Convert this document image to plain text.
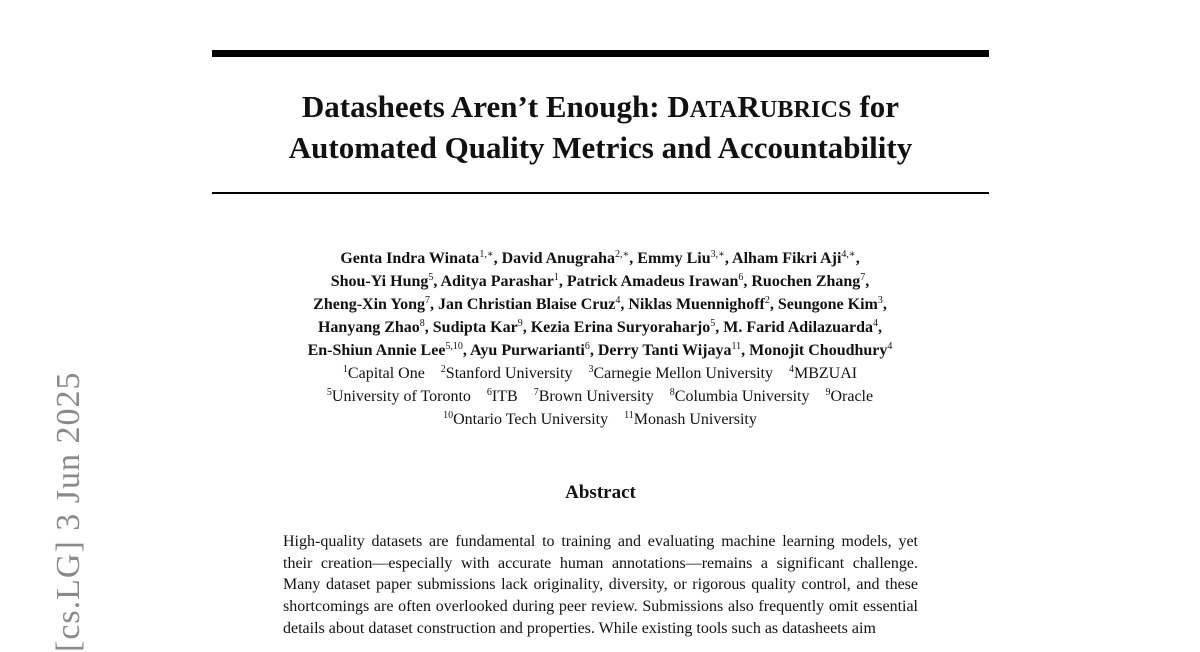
Datasheets Aren’t Enough: DATARUBRICS for
Automated Quality Metrics and Accountability
Genta Indra Winata$^{1,∗}$ , David Anugraha$^{2,∗}$ , Emmy Liu$^{3,∗}$ , Alham Fikri Aji$^{4,∗}$ ,
Shou-Yi Hung$^5$ , Aditya Parashar$^1$ , Patrick Amadeus Irawan$^6$ , Ruochen Zhang$^7$ ,
Zheng-Xin Yong$^7$ , Jan Christian Blaise Cruz$^4$ , Niklas Muennighoff$^2$ , Seungone Kim$^3$ ,
Hanyang Zhao$^8$ , Sudipta Kar$^9$ , Kezia Erina Suryoraharjo$^5$ , M. Farid Adilazuarda$^4$ ,
En-Shiun Annie Lee$^{5,10}$ , Ayu Purwarianti$^6$ , Derry Tanti Wijaya$^{11}$ , Monojit Choudhury$^4$
$^1$Capital One $^2$Stanford University $^3$Carnegie Mellon University $^4$MBZUAI
$^5$University of Toronto $^6$ITB $^7$Brown University $^8$Columbia University $^9$Oracle
$^{10}$Ontario Tech University $^{11}$Monash University
Abstract

High-quality datasets are fundamental to training and evaluating machine learning models, yet their creation—especially with accurate human annotations—remains a significant challenge. Many dataset paper submissions lack originality, diversity, or rigorous quality control, and these shortcomings are often overlooked during peer review. Submissions also frequently omit essential details about dataset construction and properties. While existing tools such as datasheets aim

[cs.LG] 3 Jun 2025
